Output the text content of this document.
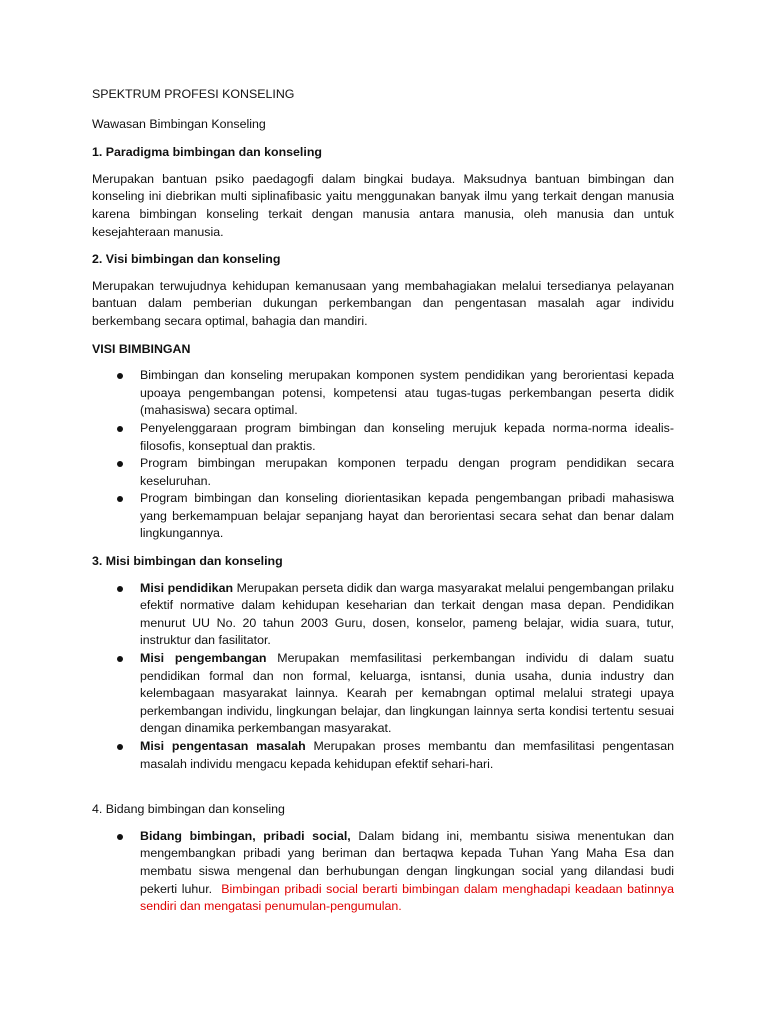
SPEKTRUM PROFESI KONSELING

Wawasan Bimbingan Konseling

1. Paradigma bimbingan dan konseling

Merupakan bantuan psiko paedagogfi dalam bingkai budaya. Maksudnya bantuan bimbingan dan konseling ini diebrikan multi siplinafibasic yaitu menggunakan banyak ilmu yang terkait dengan manusia karena bimbingan konseling terkait dengan manusia antara manusia, oleh manusia dan untuk kesejahteraan manusia.

2. Visi bimbingan dan konseling

Merupakan terwujudnya kehidupan kemanusaan yang membahagiakan melalui tersedianya pelayanan bantuan dalam pemberian dukungan perkembangan dan pengentasan masalah agar individu berkembang secara optimal, bahagia dan mandiri.

VISI BIMBINGAN

Bimbingan dan konseling merupakan komponen system pendidikan yang berorientasi kepada upoaya pengembangan potensi, kompetensi atau tugas-tugas perkembangan peserta didik (mahasiswa) secara optimal.
Penyelenggaraan program bimbingan dan konseling merujuk kepada norma-norma idealis-filosofis, konseptual dan praktis.
Program bimbingan merupakan komponen terpadu dengan program pendidikan secara keseluruhan.
Program bimbingan dan konseling diorientasikan kepada pengembangan pribadi mahasiswa yang berkemampuan belajar sepanjang hayat dan berorientasi secara sehat dan benar dalam lingkungannya.

3. Misi bimbingan dan konseling

Misi pendidikan Merupakan perseta didik dan warga masyarakat melalui pengembangan prilaku efektif normative dalam kehidupan keseharian dan terkait dengan masa depan. Pendidikan menurut UU No. 20 tahun 2003 Guru, dosen, konselor, pameng belajar, widia suara, tutur, instruktur dan fasilitator.
Misi pengembangan Merupakan memfasilitasi perkembangan individu di dalam suatu pendidikan formal dan non formal, keluarga, isntansi, dunia usaha, dunia industry dan kelembagaan masyarakat lainnya. Kearah per kemabngan optimal melalui strategi upaya perkembangan individu, lingkungan belajar, dan lingkungan lainnya serta kondisi tertentu sesuai dengan dinamika perkembangan masyarakat.
Misi pengentasan masalah Merupakan proses membantu dan memfasilitasi pengentasan masalah individu mengacu kepada kehidupan efektif sehari-hari.

4. Bidang bimbingan dan konseling

Bidang bimbingan, pribadi social, Dalam bidang ini, membantu sisiwa menentukan dan mengembangkan pribadi yang beriman dan bertaqwa kepada Tuhan Yang Maha Esa dan membatu siswa mengenal dan berhubungan dengan lingkungan social yang dilandasi budi pekerti luhur. Bimbingan pribadi social berarti bimbingan dalam menghadapi keadaan batinnya sendiri dan mengatasi penumulan-pengumulan.
